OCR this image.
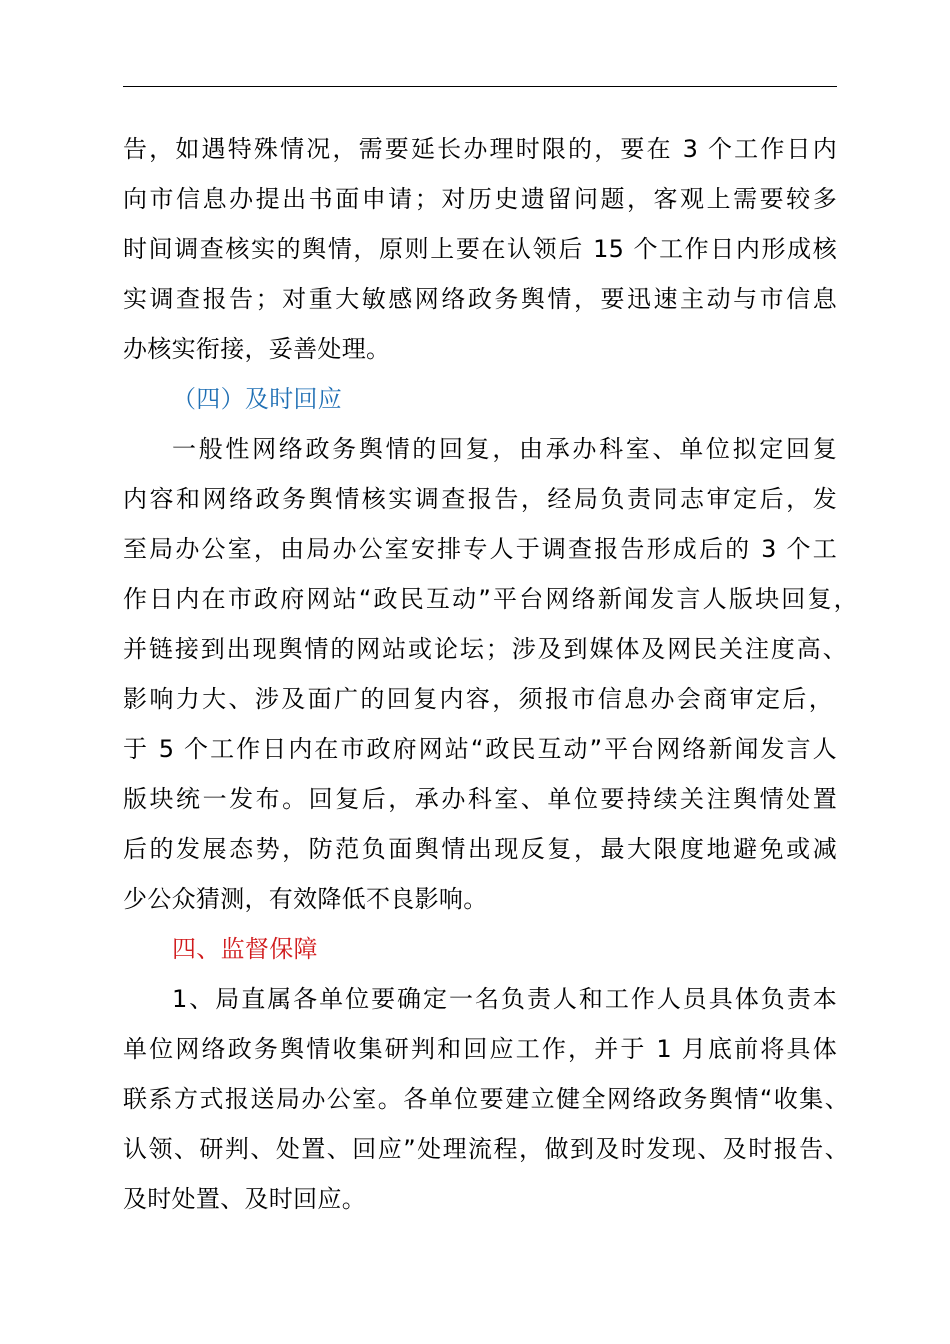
告，如遇特殊情况，需要延长办理时限的，要在 3 个工作日内
向市信息办提出书面申请；对历史遗留问题，客观上需要较多
时间调查核实的舆情，原则上要在认领后 15 个工作日内形成核
实调查报告；对重大敏感网络政务舆情，要迅速主动与市信息
办核实衔接，妥善处理。
（四）及时回应
一般性网络政务舆情的回复，由承办科室、单位拟定回复
内容和网络政务舆情核实调查报告，经局负责同志审定后，发
至局办公室，由局办公室安排专人于调查报告形成后的 3 个工
作日内在市政府网站“政民互动”平台网络新闻发言人版块回复，
并链接到出现舆情的网站或论坛；涉及到媒体及网民关注度高、
影响力大、涉及面广的回复内容，须报市信息办会商审定后，
于 5 个工作日内在市政府网站“政民互动”平台网络新闻发言人
版块统一发布。回复后，承办科室、单位要持续关注舆情处置
后的发展态势，防范负面舆情出现反复，最大限度地避免或减
少公众猜测，有效降低不良影响。
四、监督保障
1、局直属各单位要确定一名负责人和工作人员具体负责本
单位网络政务舆情收集研判和回应工作，并于 1 月底前将具体
联系方式报送局办公室。各单位要建立健全网络政务舆情“收集、
认领、研判、处置、回应”处理流程，做到及时发现、及时报告、
及时处置、及时回应。
